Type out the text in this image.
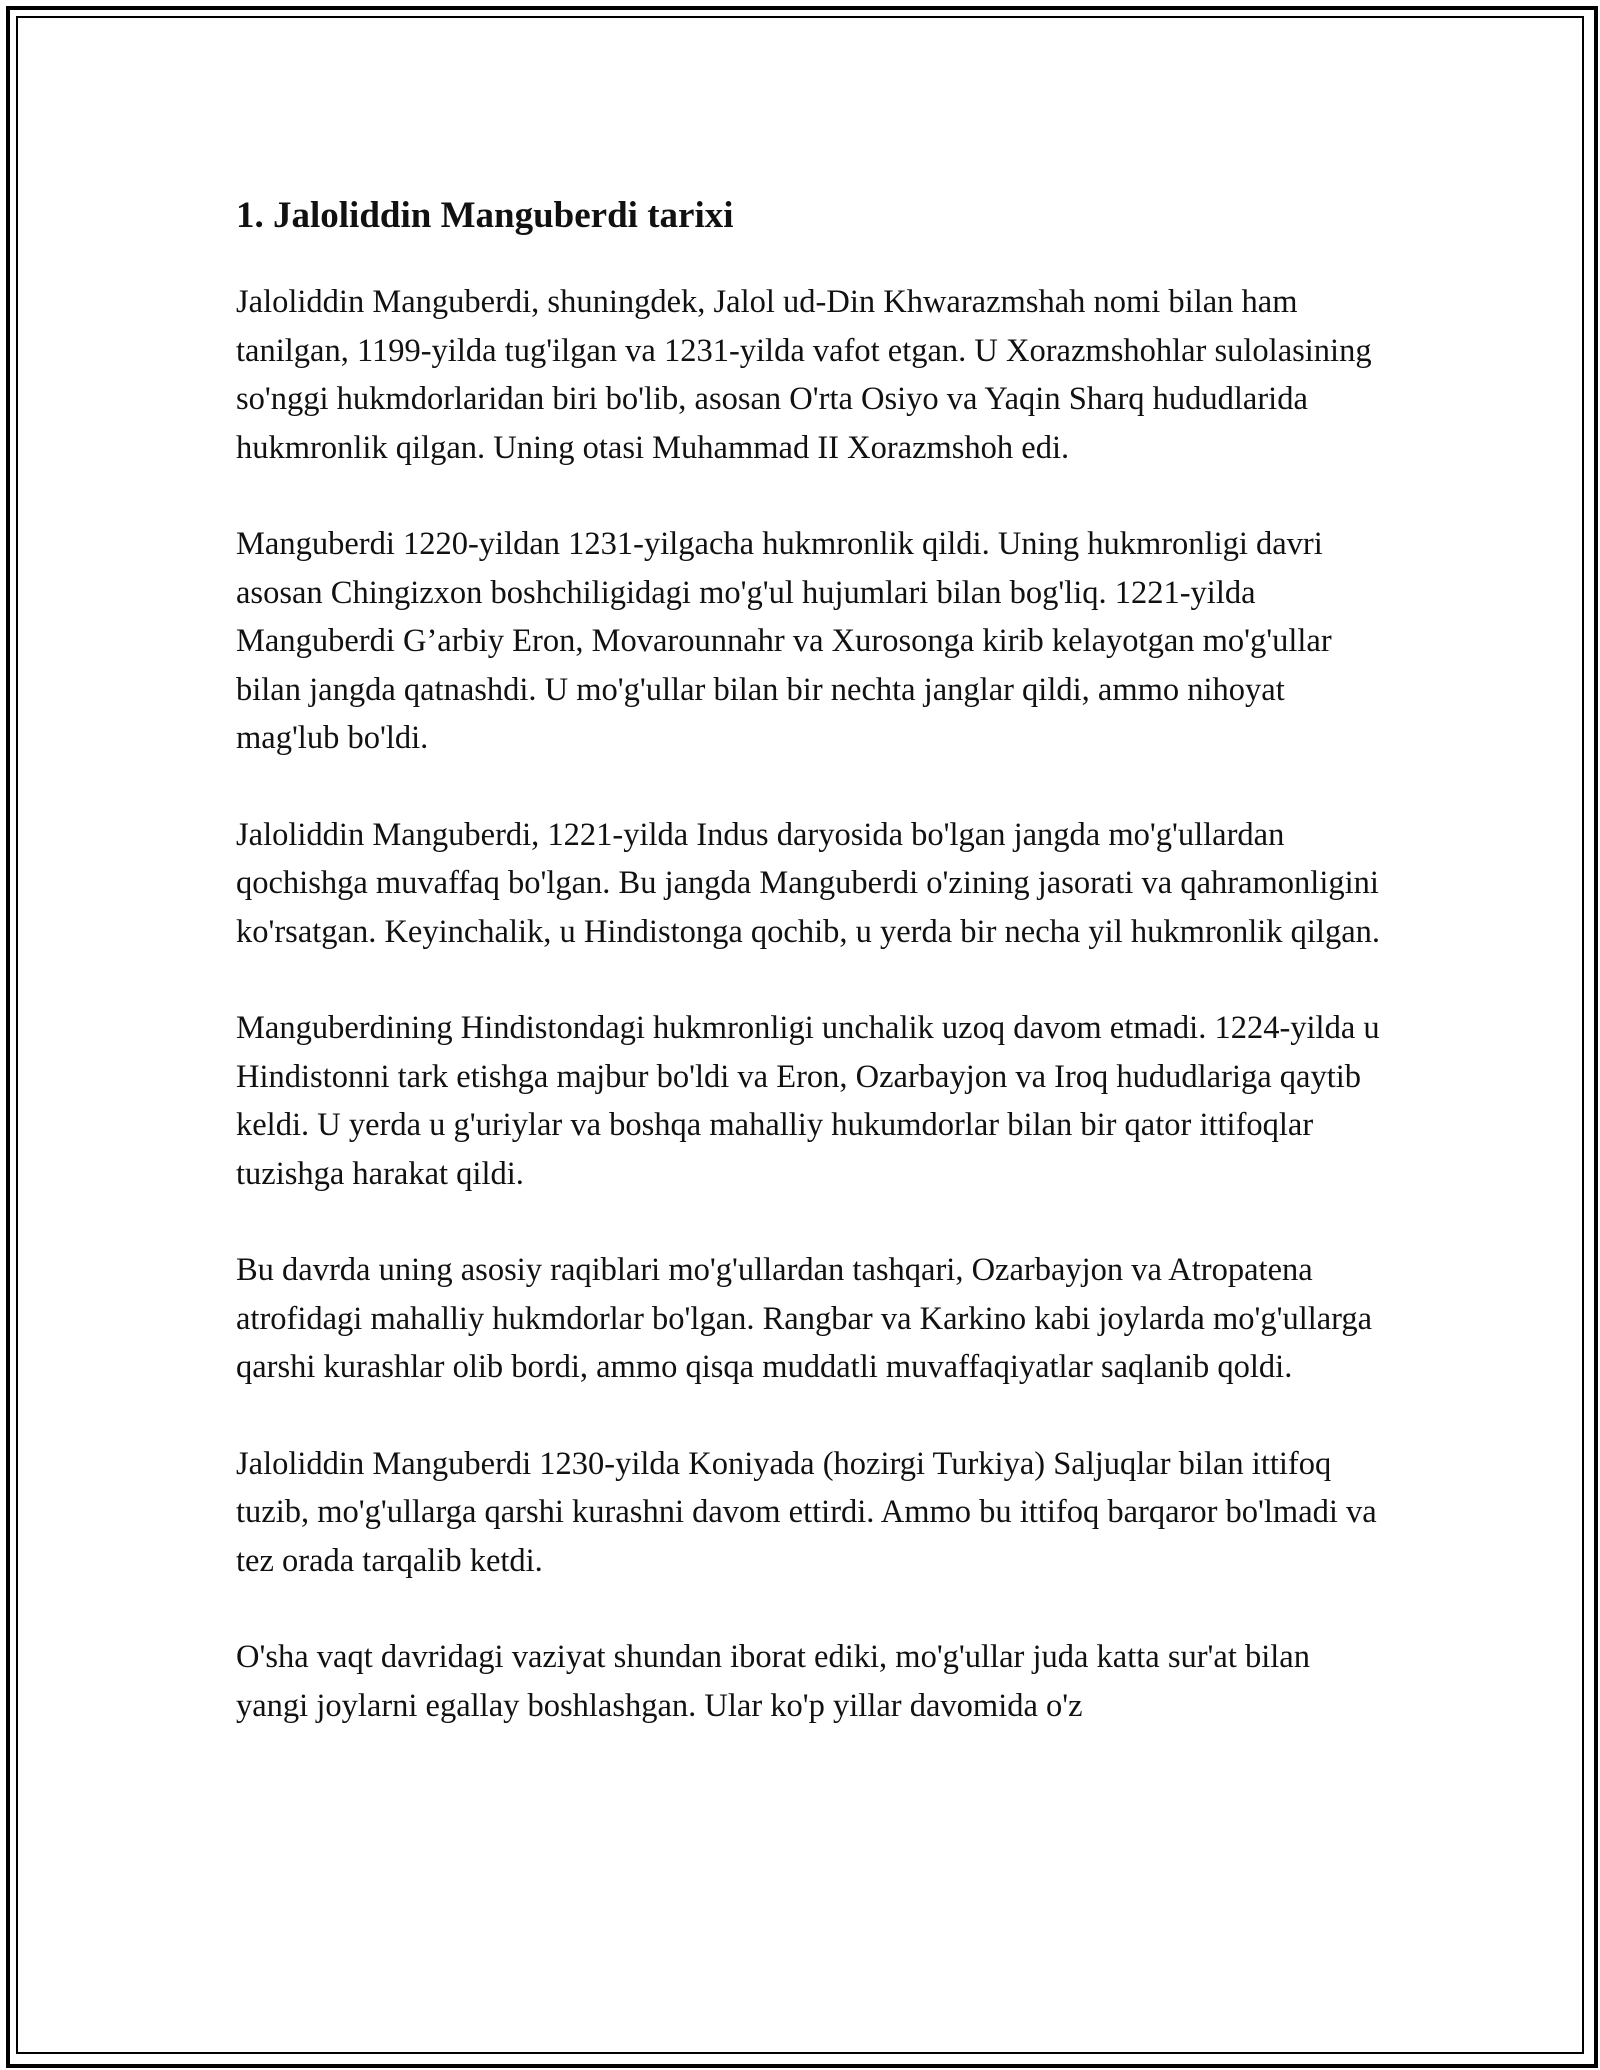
1. Jaloliddin Manguberdi tarixi

Jaloliddin Manguberdi, shuningdek, Jalol ud-Din Khwarazmshah nomi bilan ham tanilgan, 1199-yilda tug'ilgan va 1231-yilda vafot etgan. U Xorazmshohlar sulolasining so'nggi hukmdorlaridan biri bo'lib, asosan O'rta Osiyo va Yaqin Sharq hududlarida hukmronlik qilgan. Uning otasi Muhammad II Xorazmshoh edi.

Manguberdi 1220-yildan 1231-yilgacha hukmronlik qildi. Uning hukmronligi davri asosan Chingizxon boshchiligidagi mo'g'ul hujumlari bilan bog'liq. 1221-yilda Manguberdi G’arbiy Eron, Movarounnahr va Xurosonga kirib kelayotgan mo'g'ullar bilan jangda qatnashdi. U mo'g'ullar bilan bir nechta janglar qildi, ammo nihoyat mag'lub bo'ldi.

Jaloliddin Manguberdi, 1221-yilda Indus daryosida bo'lgan jangda mo'g'ullardan qochishga muvaffaq bo'lgan. Bu jangda Manguberdi o'zining jasorati va qahramonligini ko'rsatgan. Keyinchalik, u Hindistonga qochib, u yerda bir necha yil hukmronlik qilgan.

Manguberdining Hindistondagi hukmronligi unchalik uzoq davom etmadi. 1224-yilda u Hindistonni tark etishga majbur bo'ldi va Eron, Ozarbayjon va Iroq hududlariga qaytib keldi. U yerda u g'uriylar va boshqa mahalliy hukumdorlar bilan bir qator ittifoqlar tuzishga harakat qildi.

Bu davrda uning asosiy raqiblari mo'g'ullardan tashqari, Ozarbayjon va Atropatena atrofidagi mahalliy hukmdorlar bo'lgan. Rangbar va Karkino kabi joylarda mo'g'ullarga qarshi kurashlar olib bordi, ammo qisqa muddatli muvaffaqiyatlar saqlanib qoldi.

Jaloliddin Manguberdi 1230-yilda Koniyada (hozirgi Turkiya) Saljuqlar bilan ittifoq tuzib, mo'g'ullarga qarshi kurashni davom ettirdi. Ammo bu ittifoq barqaror bo'lmadi va tez orada tarqalib ketdi.

O'sha vaqt davridagi vaziyat shundan iborat ediki, mo'g'ullar juda katta sur'at bilan yangi joylarni egallay boshlashgan. Ular ko'p yillar davomida o'z
